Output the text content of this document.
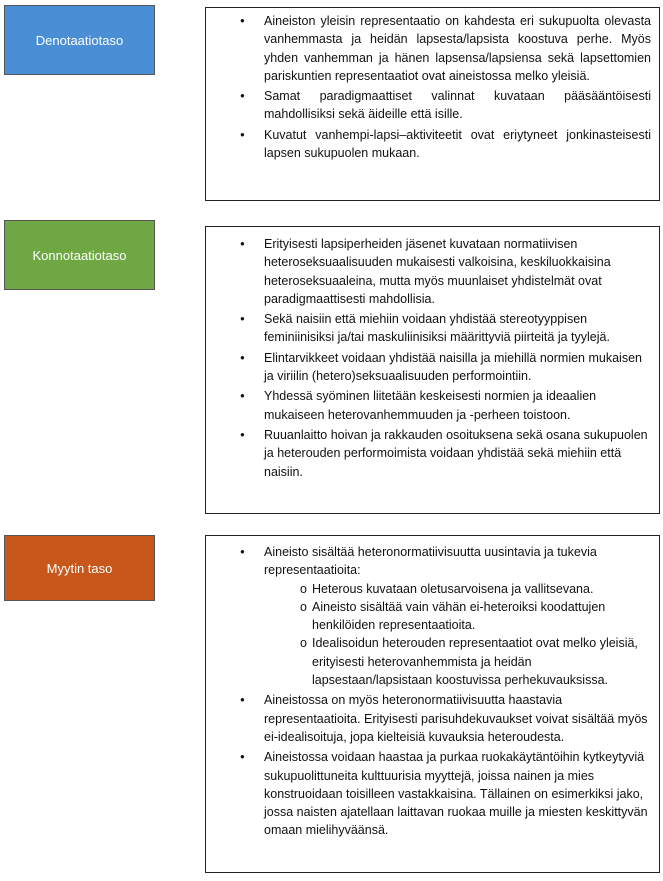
Denotaatiotaso
● Aineiston yleisin representaatio on kahdesta eri sukupuolta olevasta vanhemmasta ja heidän lapsesta/lapsista koostuva perhe. Myös yhden vanhemman ja hänen lapsensa/lapsiensa sekä lapsettomien pariskuntien representaatiot ovat aineistossa melko yleisiä.
● Samat paradigmaattiset valinnat kuvataan pääsääntöisesti mahdollisiksi sekä äideille että isille.
● Kuvatut vanhempi-lapsi–aktiviteetit ovat eriytyneet jonkinasteisesti lapsen sukupuolen mukaan.
Konnotaatiotaso
● Erityisesti lapsiperheiden jäsenet kuvataan normatiivisen heteroseksuaalisuuden mukaisesti valkoisina, keskiluokkaisina heteroseksuaaleina, mutta myös muunlaiset yhdistelmät ovat paradigmaattisesti mahdollisia.
● Sekä naisiin että miehiin voidaan yhdistää stereotyyppisen feminiinisiksi ja/tai maskuliinisiksi määrittyviä piirteitä ja tyylejä.
● Elintarvikkeet voidaan yhdistää naisilla ja miehillä normien mukaisen ja viriilin (hetero)seksuaalisuuden performointiin.
● Yhdessä syöminen liitetään keskeisesti normien ja ideaalien mukaiseen heterovanhemmuuden ja -perheen toistoon.
● Ruuanlaitto hoivan ja rakkauden osoituksena sekä osana sukupuolen ja heterouden performoimista voidaan yhdistää sekä miehiin että naisiin.
Myytin taso
● Aineisto sisältää heteronormatiivisuutta uusintavia ja tukevia representaatioita:
o Heterous kuvataan oletusarvoisena ja vallitsevana.
o Aineisto sisältää vain vähän ei-heteroiksi koodattujen henkilöiden representaatioita.
o Idealisoidun heterouden representaatiot ovat melko yleisiä, erityisesti heterovanhemmista ja heidän lapsestaan/lapsistaan koostuvissa perhekuvauksissa.
● Aineistossa on myös heteronormatiivisuutta haastavia representaatioita. Erityisesti parisuhdekuvaukset voivat sisältää myös ei-idealisoituja, jopa kielteisiä kuvauksia heteroudesta.
● Aineistossa voidaan haastaa ja purkaa ruokakäytäntöihin kytkeytyviä sukupuolittuneita kulttuurisia myyttejä, joissa nainen ja mies konstruoidaan toisilleen vastakkaisina. Tällainen on esimerkiksi jako, jossa naisten ajatellaan laittavan ruokaa muille ja miesten keskittyvän omaan mielihyväänsä.
